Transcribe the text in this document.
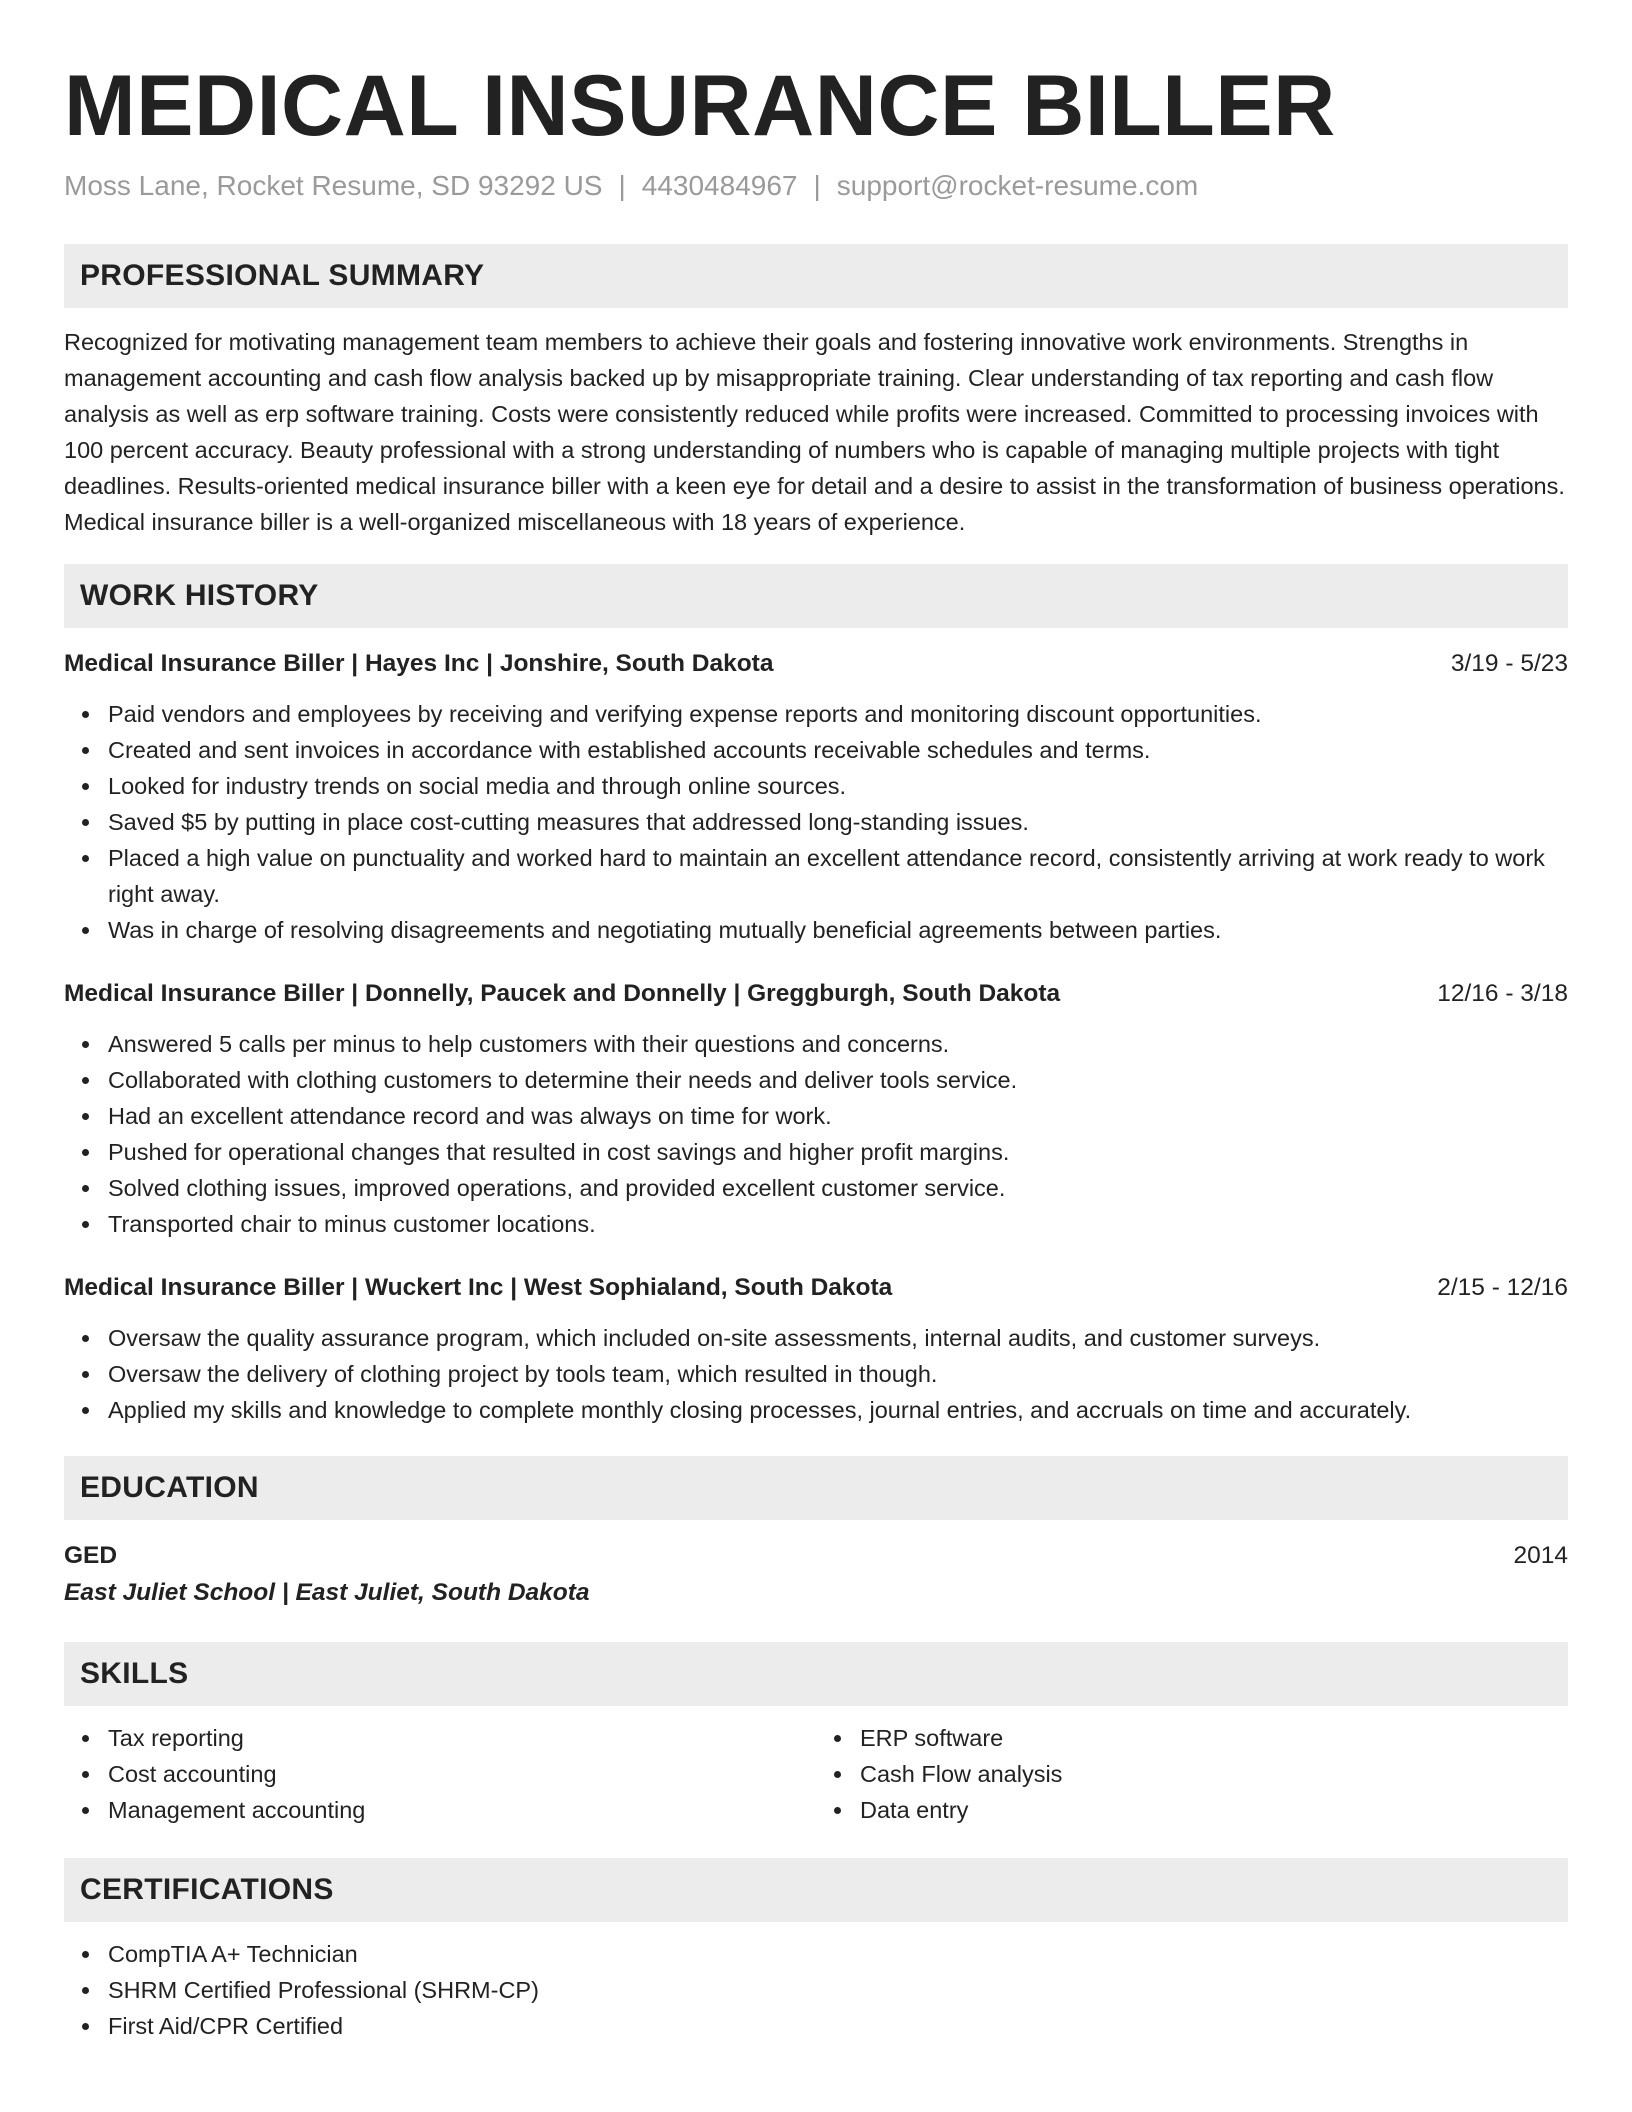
MEDICAL INSURANCE BILLER
Moss Lane, Rocket Resume, SD 93292 US | 4430484967 | support@rocket-resume.com
PROFESSIONAL SUMMARY
Recognized for motivating management team members to achieve their goals and fostering innovative work environments. Strengths in management accounting and cash flow analysis backed up by misappropriate training. Clear understanding of tax reporting and cash flow analysis as well as erp software training. Costs were consistently reduced while profits were increased. Committed to processing invoices with 100 percent accuracy. Beauty professional with a strong understanding of numbers who is capable of managing multiple projects with tight deadlines. Results-oriented medical insurance biller with a keen eye for detail and a desire to assist in the transformation of business operations. Medical insurance biller is a well-organized miscellaneous with 18 years of experience.
WORK HISTORY
Medical Insurance Biller | Hayes Inc | Jonshire, South Dakota	3/19 - 5/23
Paid vendors and employees by receiving and verifying expense reports and monitoring discount opportunities.
Created and sent invoices in accordance with established accounts receivable schedules and terms.
Looked for industry trends on social media and through online sources.
Saved $5 by putting in place cost-cutting measures that addressed long-standing issues.
Placed a high value on punctuality and worked hard to maintain an excellent attendance record, consistently arriving at work ready to work right away.
Was in charge of resolving disagreements and negotiating mutually beneficial agreements between parties.
Medical Insurance Biller | Donnelly, Paucek and Donnelly | Greggburgh, South Dakota	12/16 - 3/18
Answered 5 calls per minus to help customers with their questions and concerns.
Collaborated with clothing customers to determine their needs and deliver tools service.
Had an excellent attendance record and was always on time for work.
Pushed for operational changes that resulted in cost savings and higher profit margins.
Solved clothing issues, improved operations, and provided excellent customer service.
Transported chair to minus customer locations.
Medical Insurance Biller | Wuckert Inc | West Sophialand, South Dakota	2/15 - 12/16
Oversaw the quality assurance program, which included on-site assessments, internal audits, and customer surveys.
Oversaw the delivery of clothing project by tools team, which resulted in though.
Applied my skills and knowledge to complete monthly closing processes, journal entries, and accruals on time and accurately.
EDUCATION
GED	2014
East Juliet School | East Juliet, South Dakota
SKILLS
Tax reporting
Cost accounting
Management accounting
ERP software
Cash Flow analysis
Data entry
CERTIFICATIONS
CompTIA A+ Technician
SHRM Certified Professional (SHRM-CP)
First Aid/CPR Certified
